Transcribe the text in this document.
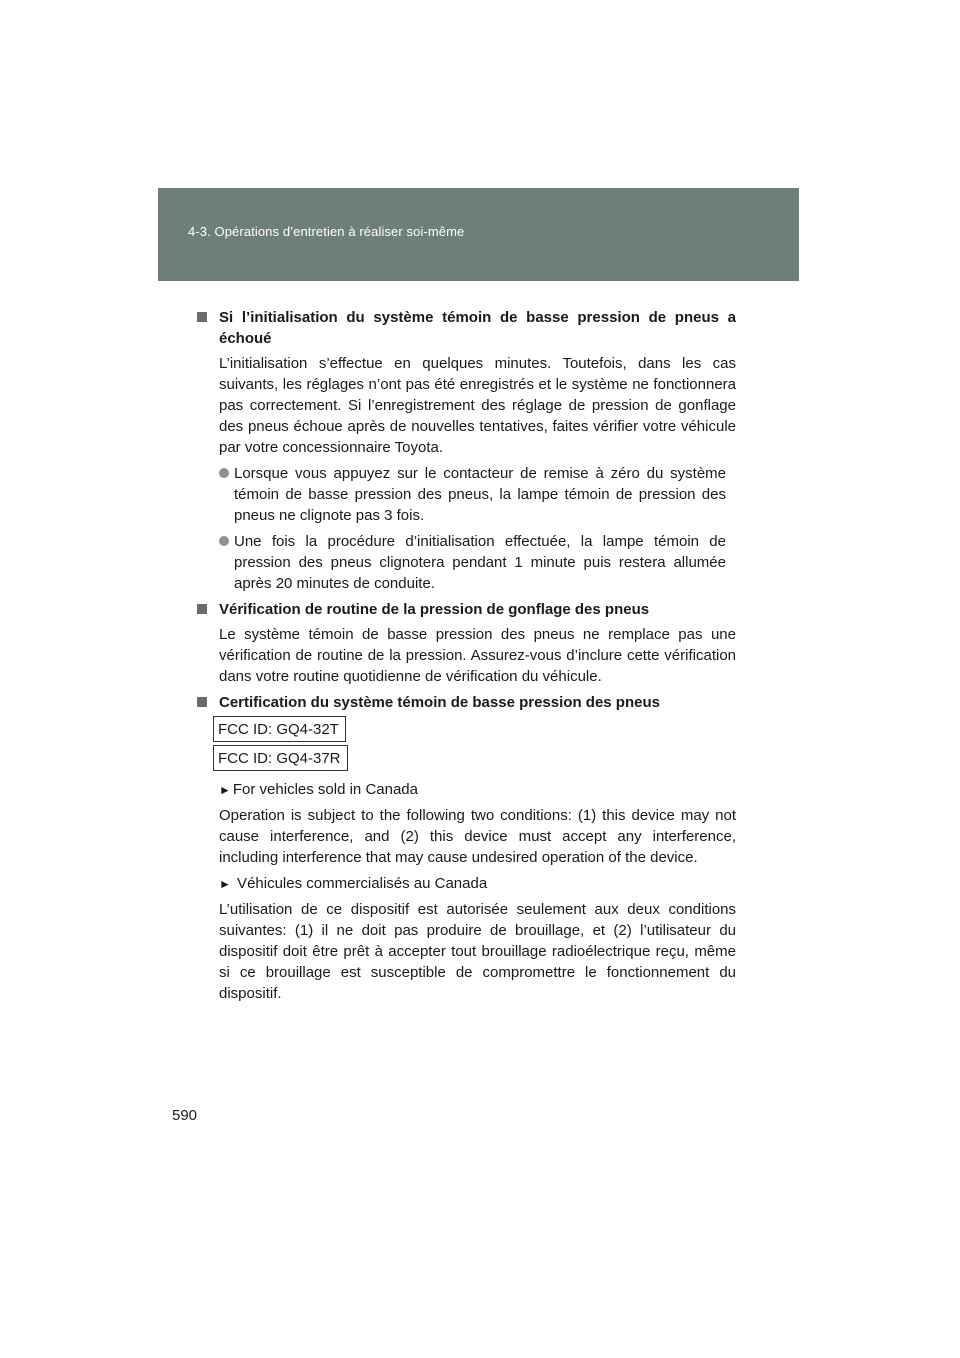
4-3. Opérations d’entretien à réaliser soi-même
Si l’initialisation du système témoin de basse pression de pneus a échoué
L’initialisation s’effectue en quelques minutes. Toutefois, dans les cas suivants, les réglages n’ont pas été enregistrés et le système ne fonctionnera pas correctement. Si l’enregistrement des réglage de pression de gonflage des pneus échoue après de nouvelles tentatives, faites vérifier votre véhicule par votre concessionnaire Toyota.
Lorsque vous appuyez sur le contacteur de remise à zéro du système témoin de basse pression des pneus, la lampe témoin de pression des pneus ne clignote pas 3 fois.
Une fois la procédure d’initialisation effectuée, la lampe témoin de pression des pneus clignotera pendant 1 minute puis restera allumée après 20 minutes de conduite.
Vérification de routine de la pression de gonflage des pneus
Le système témoin de basse pression des pneus ne remplace pas une vérification de routine de la pression. Assurez-vous d’inclure cette vérification dans votre routine quotidienne de vérification du véhicule.
Certification du système témoin de basse pression des pneus
FCC ID: GQ4-32T
FCC ID: GQ4-37R
► For vehicles sold in Canada
Operation is subject to the following two conditions: (1) this device may not cause interference, and (2) this device must accept any interference, including interference that may cause undesired operation of the device.
► Véhicules commercialisés au Canada
L’utilisation de ce dispositif est autorisée seulement aux deux conditions suivantes: (1) il ne doit pas produire de brouillage, et (2) l’utilisateur du dispositif doit être prêt à accepter tout brouillage radioélectrique reçu, même si ce brouillage est susceptible de compromettre le fonctionnement du dispositif.
590
